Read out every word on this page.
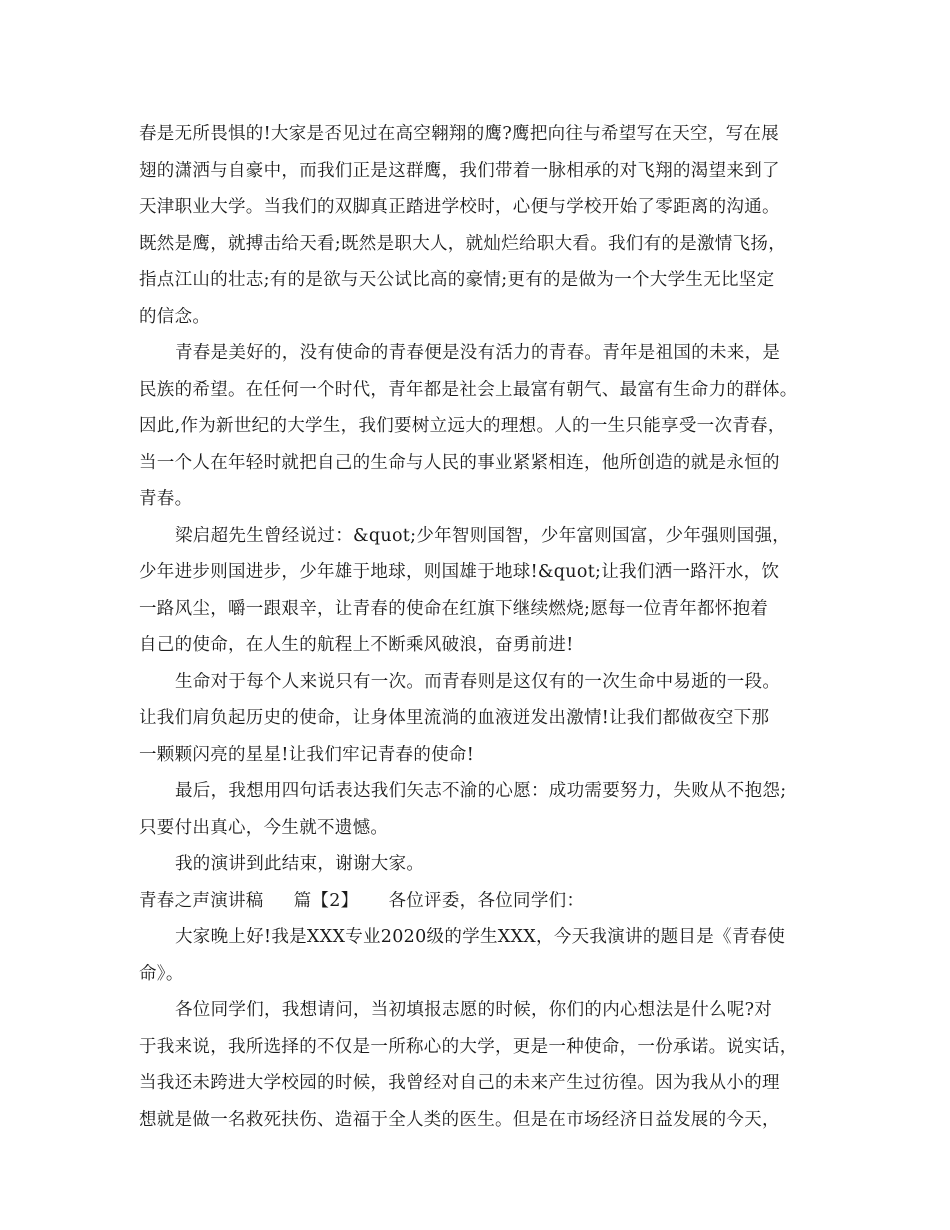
春是无所畏惧的!大家是否见过在高空翱翔的鹰?鹰把向往与希望写在天空，写在展
翅的潇洒与自豪中，而我们正是这群鹰，我们带着一脉相承的对飞翔的渴望来到了
天津职业大学。当我们的双脚真正踏进学校时，心便与学校开始了零距离的沟通。
既然是鹰，就搏击给天看;既然是职大人，就灿烂给职大看。我们有的是激情飞扬，
指点江山的壮志;有的是欲与天公试比高的豪情;更有的是做为一个大学生无比坚定
的信念。
青春是美好的，没有使命的青春便是没有活力的青春。青年是祖国的未来，是
民族的希望。在任何一个时代，青年都是社会上最富有朝气、最富有生命力的群体。
因此,作为新世纪的大学生，我们要树立远大的理想。人的一生只能享受一次青春，
当一个人在年轻时就把自己的生命与人民的事业紧紧相连，他所创造的就是永恒的
青春。
梁启超先生曾经说过：&quot;少年智则国智，少年富则国富，少年强则国强，
少年进步则国进步，少年雄于地球，则国雄于地球!&quot;让我们洒一路汗水，饮
一路风尘，嚼一跟艰辛，让青春的使命在红旗下继续燃烧;愿每一位青年都怀抱着
自己的使命，在人生的航程上不断乘风破浪，奋勇前进!
生命对于每个人来说只有一次。而青春则是这仅有的一次生命中易逝的一段。
让我们肩负起历史的使命，让身体里流淌的血液迸发出激情!让我们都做夜空下那
一颗颗闪亮的星星!让我们牢记青春的使命!
最后，我想用四句话表达我们矢志不渝的心愿：成功需要努力，失败从不抱怨;
只要付出真心，今生就不遗憾。
我的演讲到此结束，谢谢大家。
青春之声演讲稿 篇【2】 各位评委，各位同学们：
大家晚上好!我是XXX专业2020级的学生XXX，今天我演讲的题目是《青春使
命》。
各位同学们，我想请问，当初填报志愿的时候，你们的内心想法是什么呢?对
于我来说，我所选择的不仅是一所称心的大学，更是一种使命，一份承诺。说实话，
当我还未跨进大学校园的时候，我曾经对自己的未来产生过彷徨。因为我从小的理
想就是做一名救死扶伤、造福于全人类的医生。但是在市场经济日益发展的今天，
